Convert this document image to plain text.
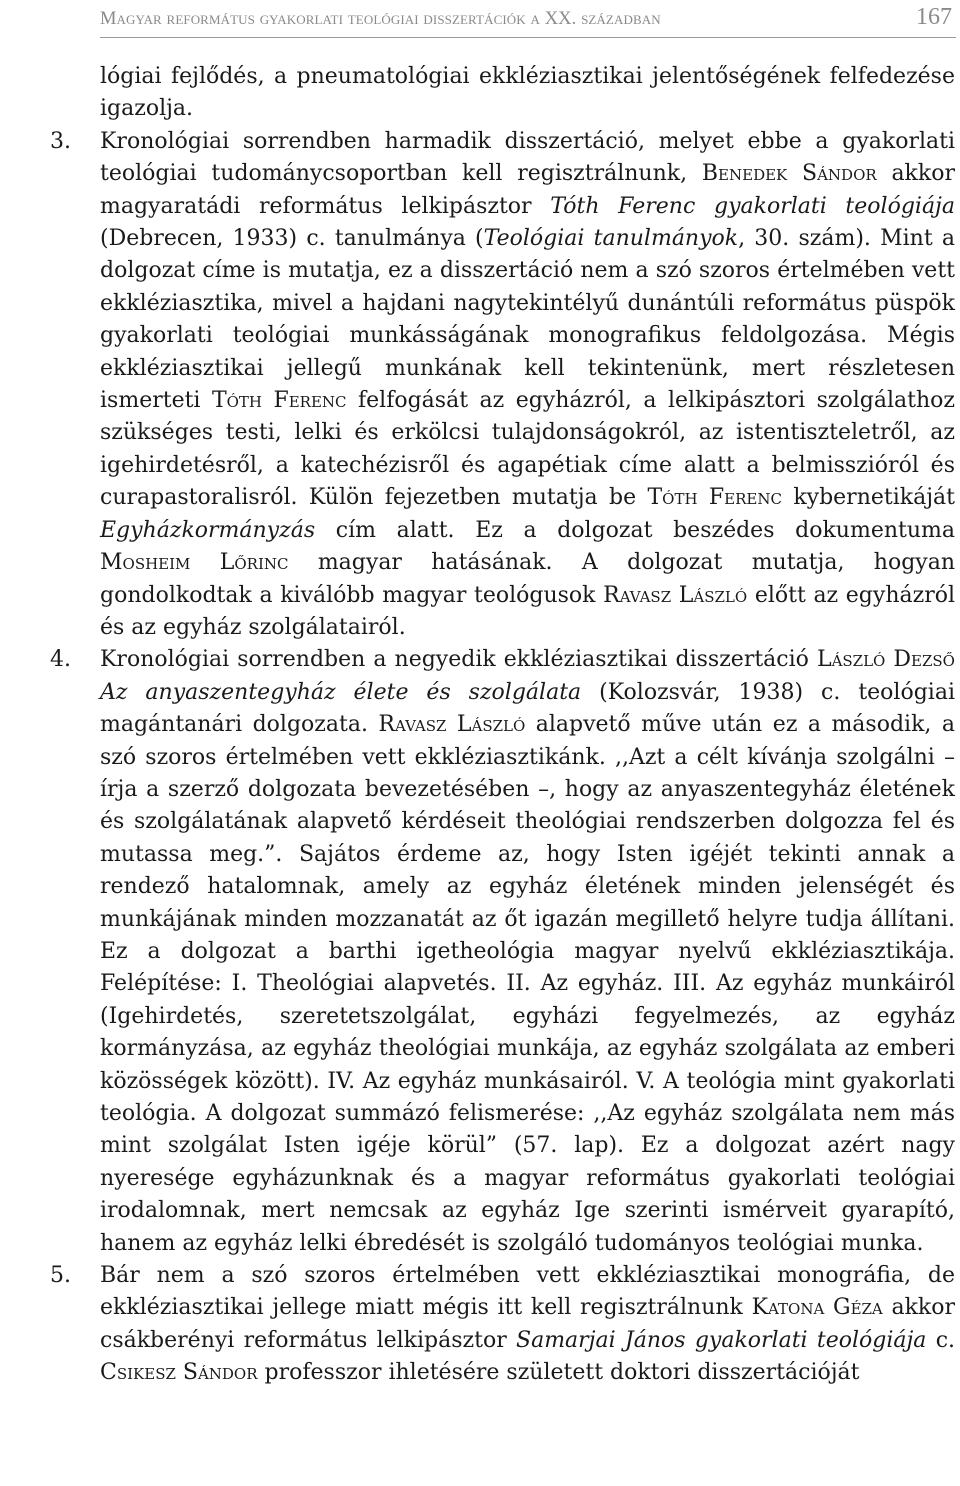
Magyar református gyakorlati teológiai disszertációk a XX. században	167

lógiai fejlődés, a pneumatológiai ekkléziasztikai jelentőségének felfedezése igazolja.

3. Kronológiai sorrendben harmadik disszertáció, melyet ebbe a gyakorlati teológiai tudománycsoportban kell regisztrálnunk, Benedek Sándor akkor magyaratádi református lelkipásztor Tóth Ferenc gyakorlati teológiája (Debrecen, 1933) c. tanulmánya (Teológiai tanulmányok, 30. szám). Mint a dolgozat címe is mutatja, ez a disszertáció nem a szó szoros értelmében vett ekkléziasztika, mivel a hajdani nagytekintélyű dunántúli református püspök gyakorlati teológiai munkásságának monografikus feldolgozása. Mégis ekkléziasztikai jellegű munkának kell tekintenünk, mert részletesen ismerteti Tóth Ferenc felfogását az egyházról, a lelkipásztori szolgálathoz szükséges testi, lelki és erkölcsi tulajdonságokról, az istentiszteletről, az igehirdetésről, a katechézisről és agapétiak címe alatt a belmisszióról és curapastoralisról. Külön fejezetben mutatja be Tóth Ferenc kybernetikáját Egyházkormányzás cím alatt. Ez a dolgozat beszédes dokumentuma Mosheim Lőrinc magyar hatásának. A dolgozat mutatja, hogyan gondolkodtak a kiválóbb magyar teológusok Ravasz László előtt az egyházról és az egyház szolgálatairól.

4. Kronológiai sorrendben a negyedik ekkléziasztikai disszertáció László Dezső Az anyaszentegyház élete és szolgálata (Kolozsvár, 1938) c. teológiai magántanári dolgozata. Ravasz László alapvető műve után ez a második, a szó szoros értelmében vett ekkléziasztikánk. ,,Azt a célt kívánja szolgálni – írja a szerző dolgozata bevezetésében –, hogy az anyaszentegyház életének és szolgálatának alapvető kérdéseit theológiai rendszerben dolgozza fel és mutassa meg.”. Sajátos érdeme az, hogy Isten igéjét tekinti annak a rendező hatalomnak, amely az egyház életének minden jelenségét és munkájának minden mozzanatát az őt igazán megillető helyre tudja állítani. Ez a dolgozat a barthi igetheológia magyar nyelvű ekkléziasztikája. Felépítése: I. Theológiai alapvetés. II. Az egyház. III. Az egyház munkáiról (Igehirdetés, szeretetszolgálat, egyházi fegyelmezés, az egyház kormányzása, az egyház theológiai munkája, az egyház szolgálata az emberi közösségek között). IV. Az egyház munkásairól. V. A teológia mint gyakorlati teológia. A dolgozat summázó felismerése: ,,Az egyház szolgálata nem más mint szolgálat Isten igéje körül” (57. lap). Ez a dolgozat azért nagy nyeresége egyházunknak és a magyar református gyakorlati teológiai irodalomnak, mert nemcsak az egyház Ige szerinti ismérveit gyarapító, hanem az egyház lelki ébredését is szolgáló tudományos teológiai munka.

5. Bár nem a szó szoros értelmében vett ekkléziasztikai monográfia, de ekkléziasztikai jellege miatt mégis itt kell regisztrálnunk Katona Géza akkor csákberényi református lelkipásztor Samarjai János gyakorlati teológiája c. Csikesz Sándor professzor ihletésére született doktori disszertációját
